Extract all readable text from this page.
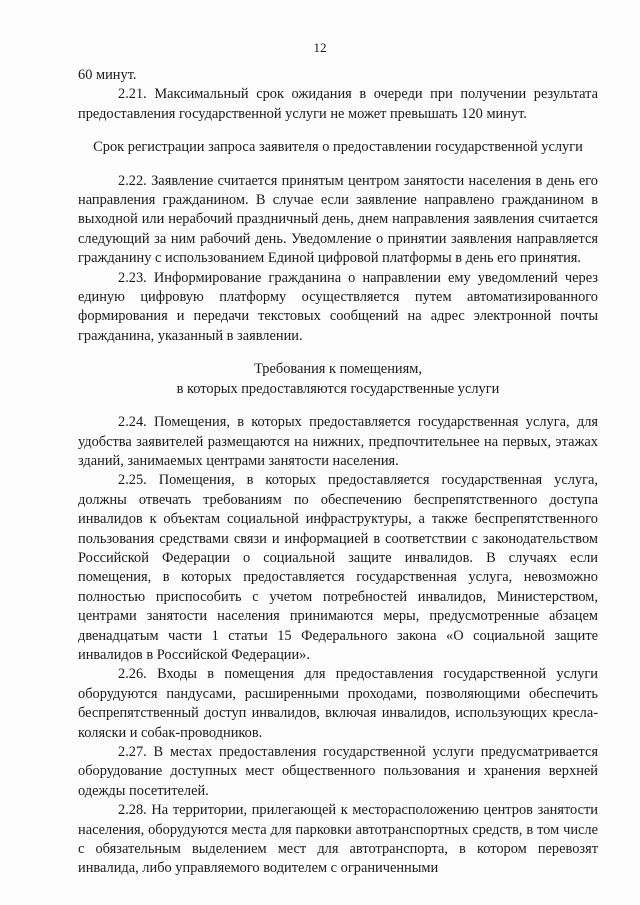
12

60 минут.

2.21. Максимальный срок ожидания в очереди при получении результата предоставления государственной услуги не может превышать 120 минут.

Срок регистрации запроса заявителя о предоставлении государственной услуги

2.22. Заявление считается принятым центром занятости населения в день его направления гражданином. В случае если заявление направлено гражданином в выходной или нерабочий праздничный день, днем направления заявления считается следующий за ним рабочий день. Уведомление о принятии заявления направляется гражданину с использованием Единой цифровой платформы в день его принятия.

2.23. Информирование гражданина о направлении ему уведомлений через единую цифровую платформу осуществляется путем автоматизированного формирования и передачи текстовых сообщений на адрес электронной почты гражданина, указанный в заявлении.

Требования к помещениям,

в которых предоставляются государственные услуги

2.24. Помещения, в которых предоставляется государственная услуга, для удобства заявителей размещаются на нижних, предпочтительнее на первых, этажах зданий, занимаемых центрами занятости населения.

2.25. Помещения, в которых предоставляется государственная услуга, должны отвечать требованиям по обеспечению беспрепятственного доступа инвалидов к объектам социальной инфраструктуры, а также беспрепятственного пользования средствами связи и информацией в соответствии с законодательством Российской Федерации о социальной защите инвалидов. В случаях если помещения, в которых предоставляется государственная услуга, невозможно полностью приспособить с учетом потребностей инвалидов, Министерством, центрами занятости населения принимаются меры, предусмотренные абзацем двенадцатым части 1 статьи 15 Федерального закона «О социальной защите инвалидов в Российской Федерации».

2.26. Входы в помещения для предоставления государственной услуги оборудуются пандусами, расширенными проходами, позволяющими обеспечить беспрепятственный доступ инвалидов, включая инвалидов, использующих кресла-коляски и собак-проводников.

2.27. В местах предоставления государственной услуги предусматривается оборудование доступных мест общественного пользования и хранения верхней одежды посетителей.

2.28. На территории, прилегающей к месторасположению центров занятости населения, оборудуются места для парковки автотранспортных средств, в том числе с обязательным выделением мест для автотранспорта, в котором перевозят инвалида, либо управляемого водителем с ограниченными
